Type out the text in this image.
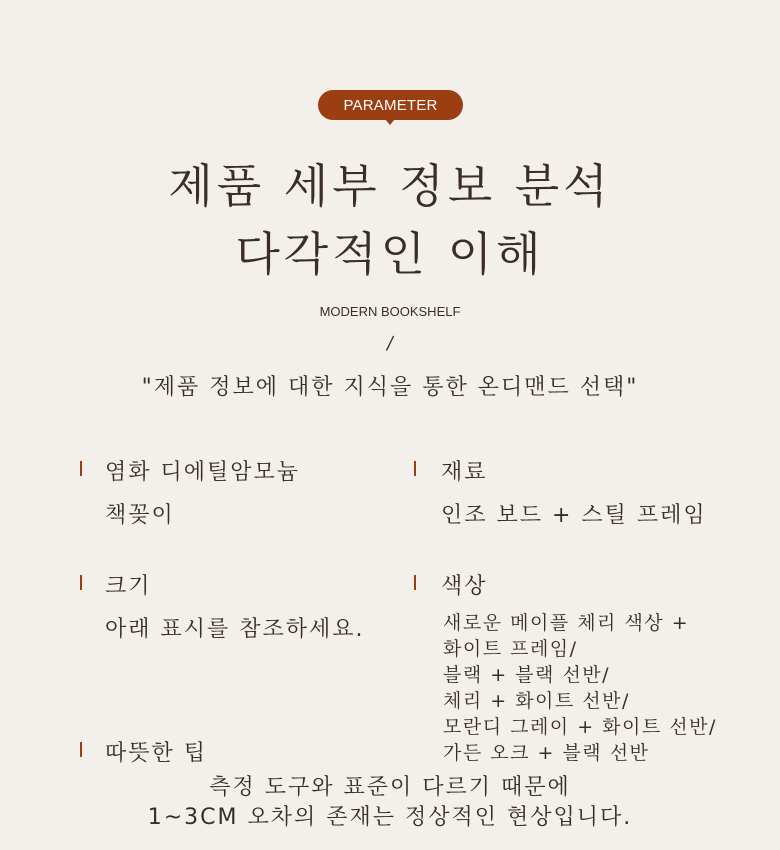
PARAMETER
제품 세부 정보 분석
다각적인 이해
MODERN BOOKSHELF
/
"제품 정보에 대한 지식을 통한 온디맨드 선택"
염화 디에틸암모늄
책꽂이
재료
인조 보드 + 스틸 프레임
크기
아래 표시를 참조하세요.
색상
새로운 메이플 체리 색상 +
화이트 프레임/
블랙 + 블랙 선반/
체리 + 화이트 선반/
모란디 그레이 + 화이트 선반/
가든 오크 + 블랙 선반
따뜻한 팁
측정 도구와 표준이 다르기 때문에
1~3CM 오차의 존재는 정상적인 현상입니다.
